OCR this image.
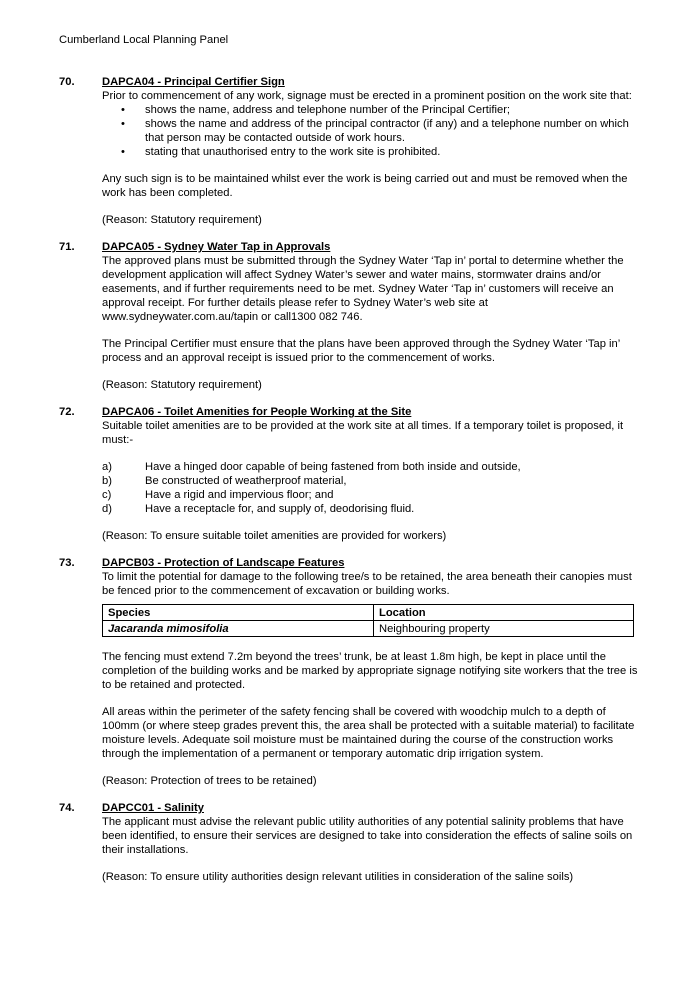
Cumberland Local Planning Panel
70. DAPCA04 - Principal Certifier Sign

Prior to commencement of any work, signage must be erected in a prominent position on the work site that:

• shows the name, address and telephone number of the Principal Certifier;
• shows the name and address of the principal contractor (if any) and a telephone number on which that person may be contacted outside of work hours.
• stating that unauthorised entry to the work site is prohibited.

Any such sign is to be maintained whilst ever the work is being carried out and must be removed when the work has been completed.

(Reason: Statutory requirement)

71. DAPCA05 - Sydney Water Tap in Approvals

The approved plans must be submitted through the Sydney Water ‘Tap in’ portal to determine whether the development application will affect Sydney Water’s sewer and water mains, stormwater drains and/or easements, and if further requirements need to be met. Sydney Water ‘Tap in’ customers will receive an approval receipt. For further details please refer to Sydney Water’s web site at www.sydneywater.com.au/tapin or call1300 082 746.

The Principal Certifier must ensure that the plans have been approved through the Sydney Water ‘Tap in’ process and an approval receipt is issued prior to the commencement of works.

(Reason: Statutory requirement)

72. DAPCA06 - Toilet Amenities for People Working at the Site

Suitable toilet amenities are to be provided at the work site at all times. If a temporary toilet is proposed, it must:-

a)	Have a hinged door capable of being fastened from both inside and outside,
b)	Be constructed of weatherproof material,
c)	Have a rigid and impervious floor; and
d)	Have a receptacle for, and supply of, deodorising fluid.

(Reason: To ensure suitable toilet amenities are provided for workers)

73. DAPCB03 - Protection of Landscape Features

To limit the potential for damage to the following tree/s to be retained, the area beneath their canopies must be fenced prior to the commencement of excavation or building works.

Species	Location
Jacaranda mimosifolia	Neighbouring property

The fencing must extend 7.2m beyond the trees’ trunk, be at least 1.8m high, be kept in place until the completion of the building works and be marked by appropriate signage notifying site workers that the tree is to be retained and protected.

All areas within the perimeter of the safety fencing shall be covered with woodchip mulch to a depth of 100mm (or where steep grades prevent this, the area shall be protected with a suitable material) to facilitate moisture levels. Adequate soil moisture must be maintained during the course of the construction works through the implementation of a permanent or temporary automatic drip irrigation system.

(Reason: Protection of trees to be retained)

74. DAPCC01 - Salinity

The applicant must advise the relevant public utility authorities of any potential salinity problems that have been identified, to ensure their services are designed to take into consideration the effects of saline soils on their installations.

(Reason: To ensure utility authorities design relevant utilities in consideration of the saline soils)
